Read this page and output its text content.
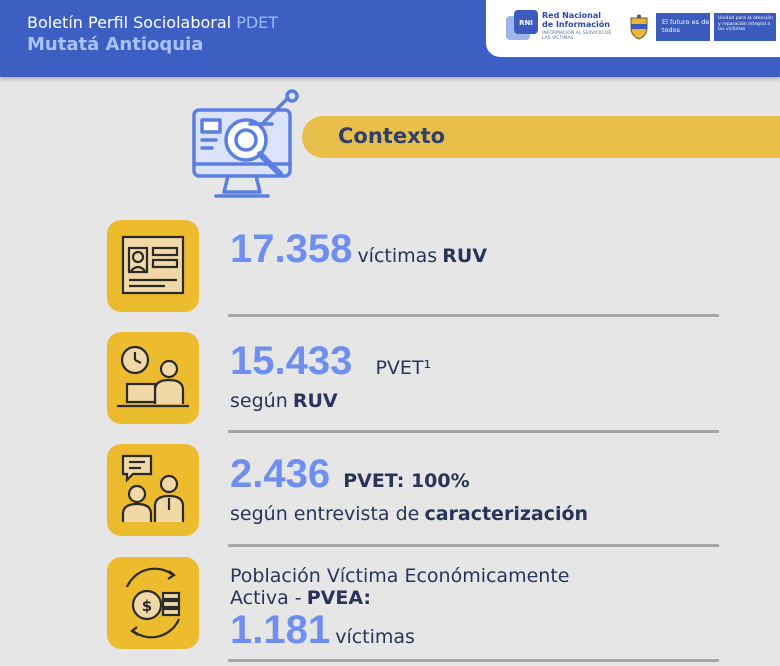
Boletín Perfil Sociolaboral PDET
Mutatá Antioquia
RNI
Red Nacional de Información
INFORMACIÓN AL SERVICIO DE LAS VÍCTIMAS
El futuro es de todos
Unidad para la atención y reparación integral a las víctimas
Contexto
17.358 víctimas RUV
15.433 PVET¹
según RUV
2.436 PVET: 100%
según entrevista de caracterización
$
Población Víctima Económicamente
Activa - PVEA:
1.181 víctimas
